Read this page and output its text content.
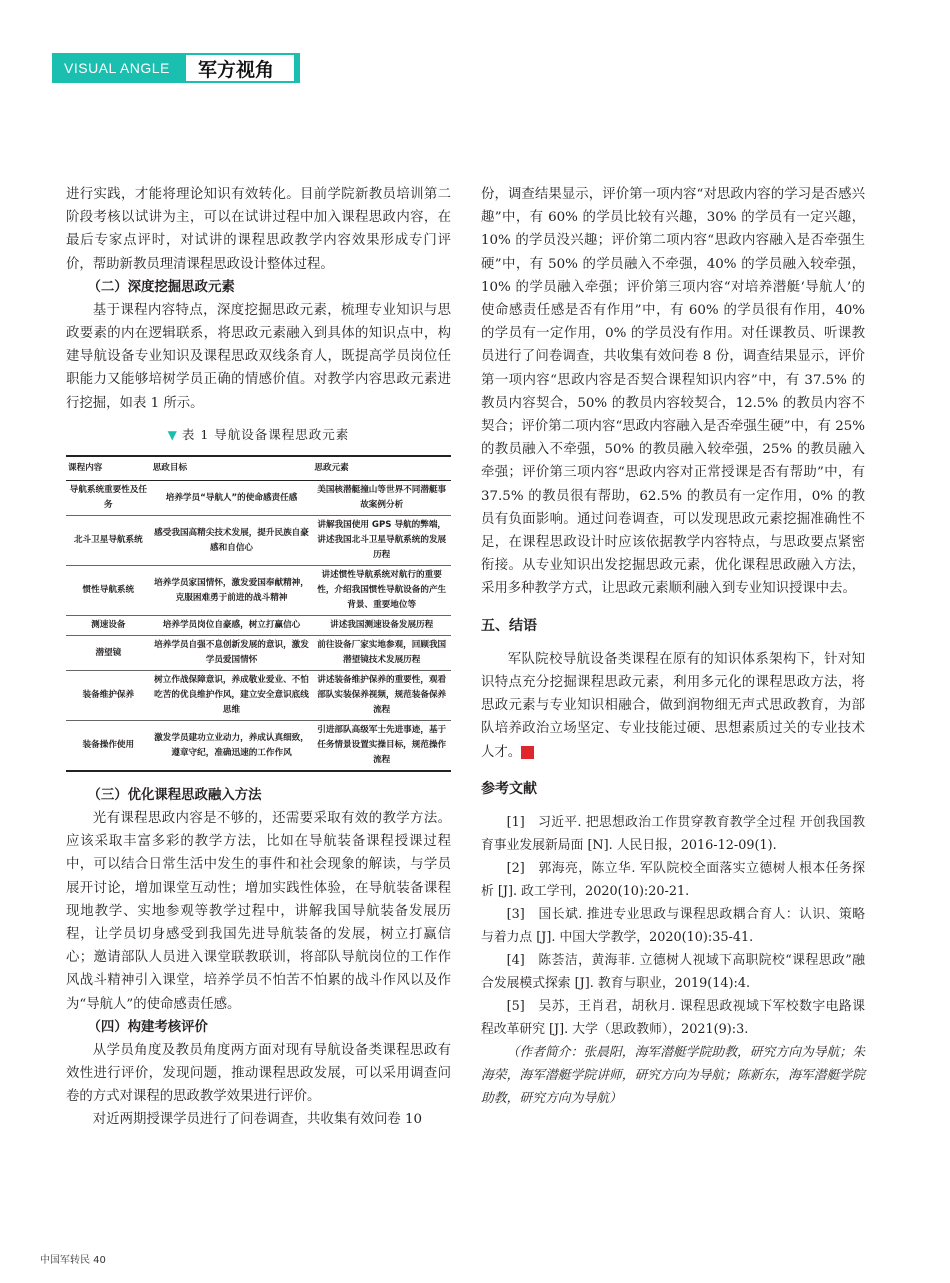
VISUAL ANGLE	军方视角

进行实践，才能将理论知识有效转化。目前学院新教员培训第二阶段考核以试讲为主，可以在试讲过程中加入课程思政内容，在最后专家点评时，对试讲的课程思政教学内容效果形成专门评价，帮助新教员理清课程思政设计整体过程。

（二）深度挖掘思政元素

基于课程内容特点，深度挖掘思政元素，梳理专业知识与思政要素的内在逻辑联系，将思政元素融入到具体的知识点中，构建导航设备专业知识及课程思政双线条育人，既提高学员岗位任职能力又能够培树学员正确的情感价值。对教学内容思政元素进行挖掘，如表 1 所示。

▼ 表 1 导航设备课程思政元素
课程内容	思政目标	思政元素
导航系统重要性及任务	培养学员“导航人”的使命感责任感	美国核潜艇撞山等世界不同潜艇事故案例分析
北斗卫星导航系统	感受我国高精尖技术发展，提升民族自豪感和自信心	讲解我国使用 GPS 导航的弊端，讲述我国北斗卫星导航系统的发展历程
惯性导航系统	培养学员家国情怀，激发爱国奉献精神，克服困难勇于前进的战斗精神	讲述惯性导航系统对航行的重要性，介绍我国惯性导航设备的产生背景、重要地位等
测速设备	培养学员岗位自豪感，树立打赢信心	讲述我国测速设备发展历程
潜望镜	培养学员自强不息创新发展的意识，激发学员爱国情怀	前往设备厂家实地参观，回顾我国潜望镜技术发展历程
装备维护保养	树立作战保障意识，养成敬业爱业、不怕吃苦的优良维护作风，建立安全意识底线思维	讲述装备维护保养的重要性，观看部队实装保养视频，规范装备保养流程
装备操作使用	激发学员建功立业动力，养成认真细致，遵章守纪，准确迅速的工作作风	引进部队高级军士先进事迹，基于任务情景设置实操目标，规范操作流程
（三）优化课程思政融入方法

光有课程思政内容是不够的，还需要采取有效的教学方法。应该采取丰富多彩的教学方法，比如在导航装备课程授课过程中，可以结合日常生活中发生的事件和社会现象的解读，与学员展开讨论，增加课堂互动性；增加实践性体验，在导航装备课程现地教学、实地参观等教学过程中，讲解我国导航装备发展历程，让学员切身感受到我国先进导航装备的发展，树立打赢信心；邀请部队人员进入课堂联教联训，将部队导航岗位的工作作风战斗精神引入课堂，培养学员不怕苦不怕累的战斗作风以及作为“导航人”的使命感责任感。

（四）构建考核评价

从学员角度及教员角度两方面对现有导航设备类课程思政有效性进行评价，发现问题，推动课程思政发展，可以采用调查问卷的方式对课程的思政教学效果进行评价。

对近两期授课学员进行了问卷调查，共收集有效问卷 10

份，调查结果显示，评价第一项内容“对思政内容的学习是否感兴趣”中，有 60% 的学员比较有兴趣，30% 的学员有一定兴趣，10% 的学员没兴趣；评价第二项内容“思政内容融入是否牵强生硬”中，有 50% 的学员融入不牵强，40% 的学员融入较牵强，10% 的学员融入牵强；评价第三项内容“对培养潜艇‘导航人’的使命感责任感是否有作用”中，有 60% 的学员很有作用，40% 的学员有一定作用，0% 的学员没有作用。对任课教员、听课教员进行了问卷调查，共收集有效问卷 8 份，调查结果显示，评价第一项内容“思政内容是否契合课程知识内容”中，有 37.5% 的教员内容契合，50% 的教员内容较契合，12.5% 的教员内容不契合；评价第二项内容“思政内容融入是否牵强生硬”中，有 25% 的教员融入不牵强，50% 的教员融入较牵强，25% 的教员融入牵强；评价第三项内容“思政内容对正常授课是否有帮助”中，有 37.5% 的教员很有帮助，62.5% 的教员有一定作用，0% 的教员有负面影响。通过问卷调查，可以发现思政元素挖掘准确性不足，在课程思政设计时应该依据教学内容特点，与思政要点紧密衔接。从专业知识出发挖掘思政元素，优化课程思政融入方法，采用多种教学方式，让思政元素顺利融入到专业知识授课中去。

五、结语

军队院校导航设备类课程在原有的知识体系架构下，针对知识特点充分挖掘课程思政元素，利用多元化的课程思政方法，将思政元素与专业知识相融合，做到润物细无声式思政教育，为部队培养政治立场坚定、专业技能过硬、思想素质过关的专业技术人才。	Z

参考文献

[1]　习近平. 把思想政治工作贯穿教育教学全过程 开创我国教育事业发展新局面 [N]. 人民日报，2016-12-09(1).

[2]　郭海亮，陈立华. 军队院校全面落实立德树人根本任务探析 [J]. 政工学刊，2020(10):20-21.

[3]　国长斌. 推进专业思政与课程思政耦合育人：认识、策略与着力点 [J]. 中国大学教学，2020(10):35-41.

[4]　陈荟洁，黄海菲. 立德树人视域下高职院校“课程思政”融合发展模式探索 [J]. 教育与职业，2019(14):4.

[5]　吴苏，王肖君，胡秋月. 课程思政视域下军校数字电路课程改革研究 [J]. 大学（思政教师），2021(9):3.

（作者简介：张晨阳，海军潜艇学院助教，研究方向为导航；朱海荣，海军潜艇学院讲师，研究方向为导航；陈新东，海军潜艇学院助教，研究方向为导航）

中国军转民 40
